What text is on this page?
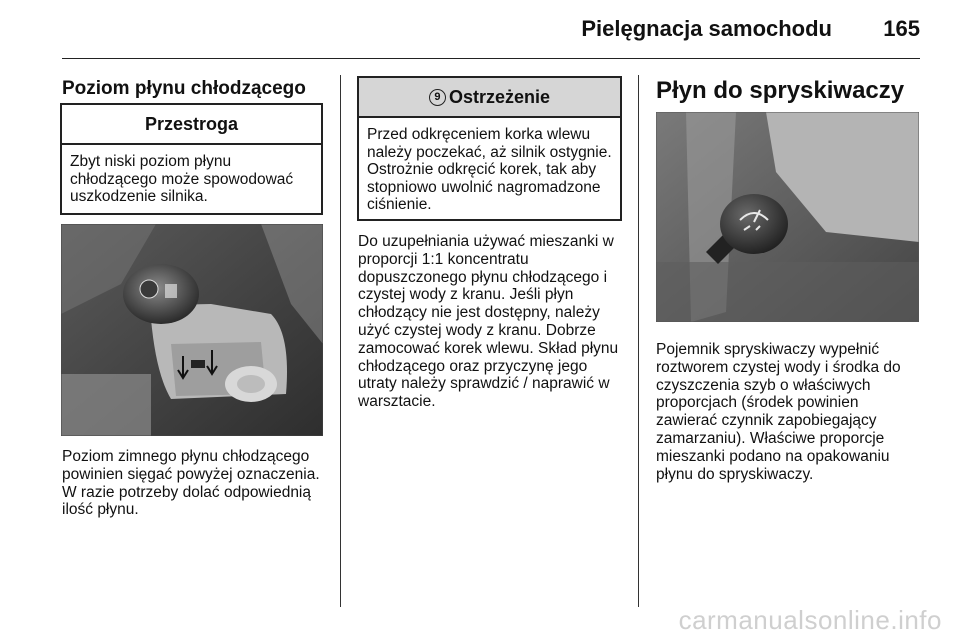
Pielęgnacja samochodu 165
Poziom płynu chłodzącego
Przestroga
Zbyt niski poziom płynu chłodzącego może spowodować uszkodzenie silnika.
Poziom zimnego płynu chłodzącego powinien sięgać powyżej oznaczenia. W razie potrzeby dolać odpowiednią ilość płynu.
9 Ostrzeżenie
Przed odkręceniem korka wlewu należy poczekać, aż silnik ostygnie. Ostrożnie odkręcić korek, tak aby stopniowo uwolnić nagromadzone ciśnienie.
Do uzupełniania używać mieszanki w proporcji 1:1 koncentratu dopuszczonego płynu chłodzącego i czystej wody z kranu. Jeśli płyn chłodzący nie jest dostępny, należy użyć czystej wody z kranu. Dobrze zamocować korek wlewu. Skład płynu chłodzącego oraz przyczynę jego utraty należy sprawdzić / naprawić w warsztacie.
Płyn do spryskiwaczy
Pojemnik spryskiwaczy wypełnić roztworem czystej wody i środka do czyszczenia szyb o właściwych proporcjach (środek powinien zawierać czynnik zapobiegający zamarzaniu). Właściwe proporcje mieszanki podano na opakowaniu płynu do spryskiwaczy.
carmanualsonline.info
